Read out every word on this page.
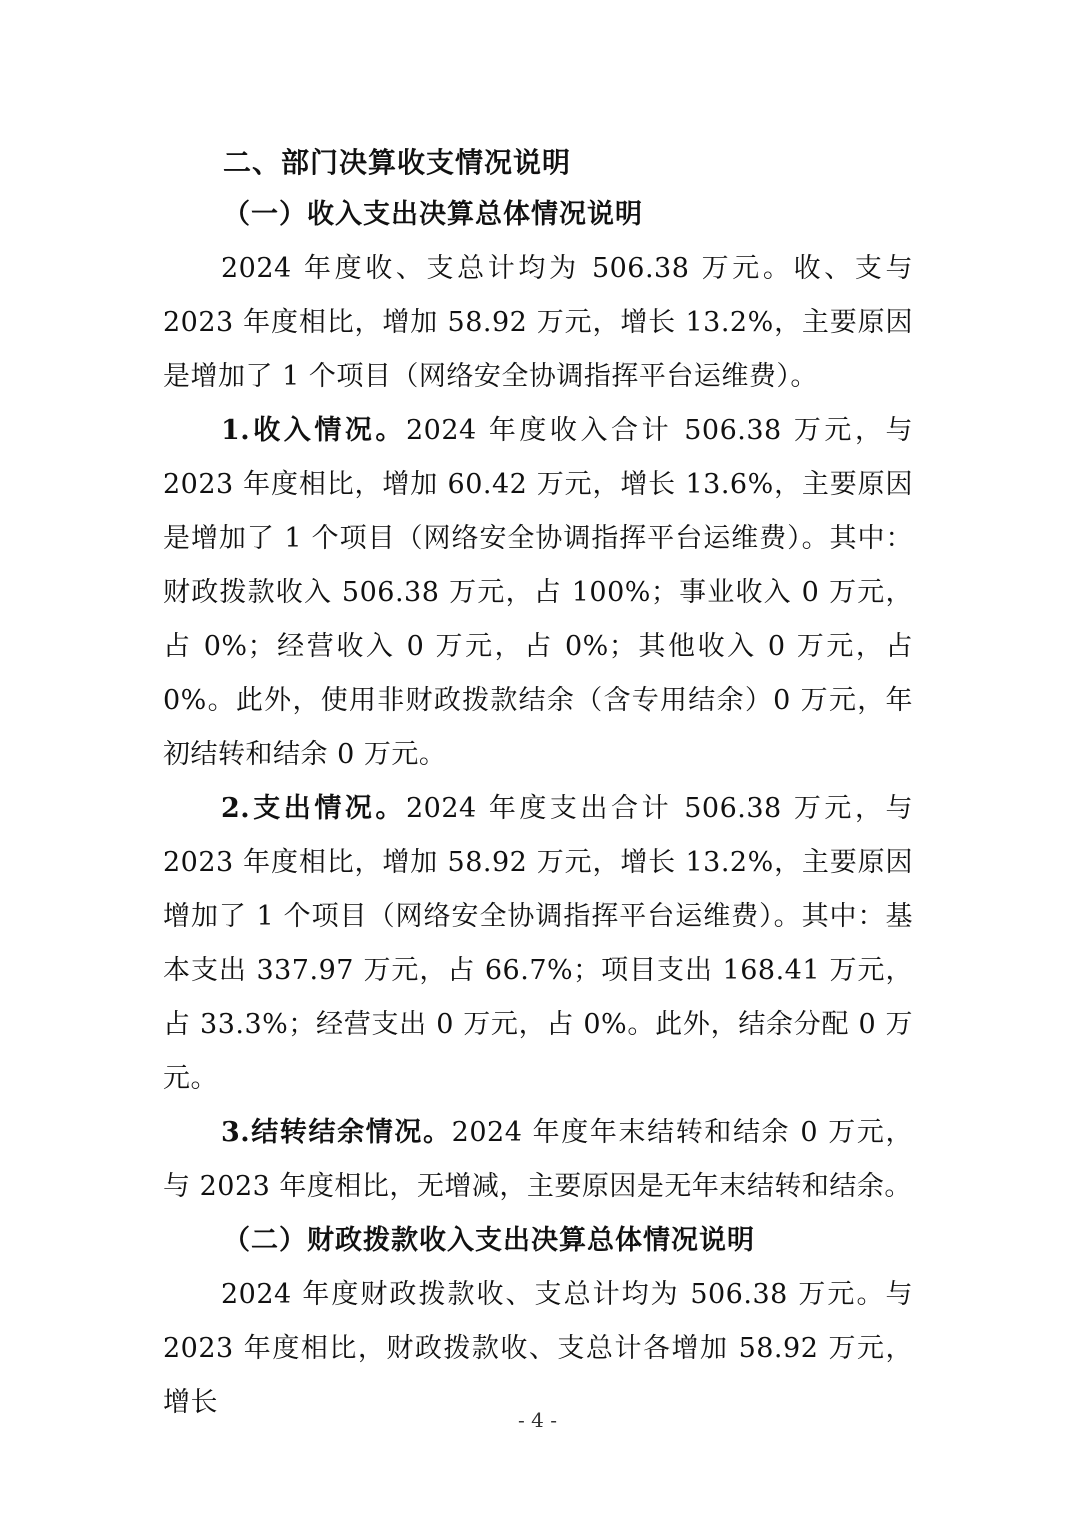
二、部门决算收支情况说明
（一）收入支出决算总体情况说明

2024 年度收、支总计均为 506.38 万元。收、支与 2023 年度相比，增加 58.92 万元，增长 13.2%，主要原因是增加了 1 个项目（网络安全协调指挥平台运维费）。

1.收入情况。2024 年度收入合计 506.38 万元，与 2023 年度相比，增加 60.42 万元，增长 13.6%，主要原因是增加了 1 个项目（网络安全协调指挥平台运维费）。其中：财政拨款收入 506.38 万元，占 100%；事业收入 0 万元，占 0%；经营收入 0 万元，占 0%；其他收入 0 万元，占 0%。此外，使用非财政拨款结余（含专用结余）0 万元，年初结转和结余 0 万元。

2.支出情况。2024 年度支出合计 506.38 万元，与 2023 年度相比，增加 58.92 万元，增长 13.2%，主要原因增加了 1 个项目（网络安全协调指挥平台运维费）。其中：基本支出 337.97 万元，占 66.7%；项目支出 168.41 万元，占 33.3%；经营支出 0 万元，占 0%。此外，结余分配 0 万元。

3.结转结余情况。2024 年度年末结转和结余 0 万元，与 2023 年度相比，无增减，主要原因是无年末结转和结余。

（二）财政拨款收入支出决算总体情况说明

2024 年度财政拨款收、支总计均为 506.38 万元。与 2023 年度相比，财政拨款收、支总计各增加 58.92 万元，增长

- 4 -
